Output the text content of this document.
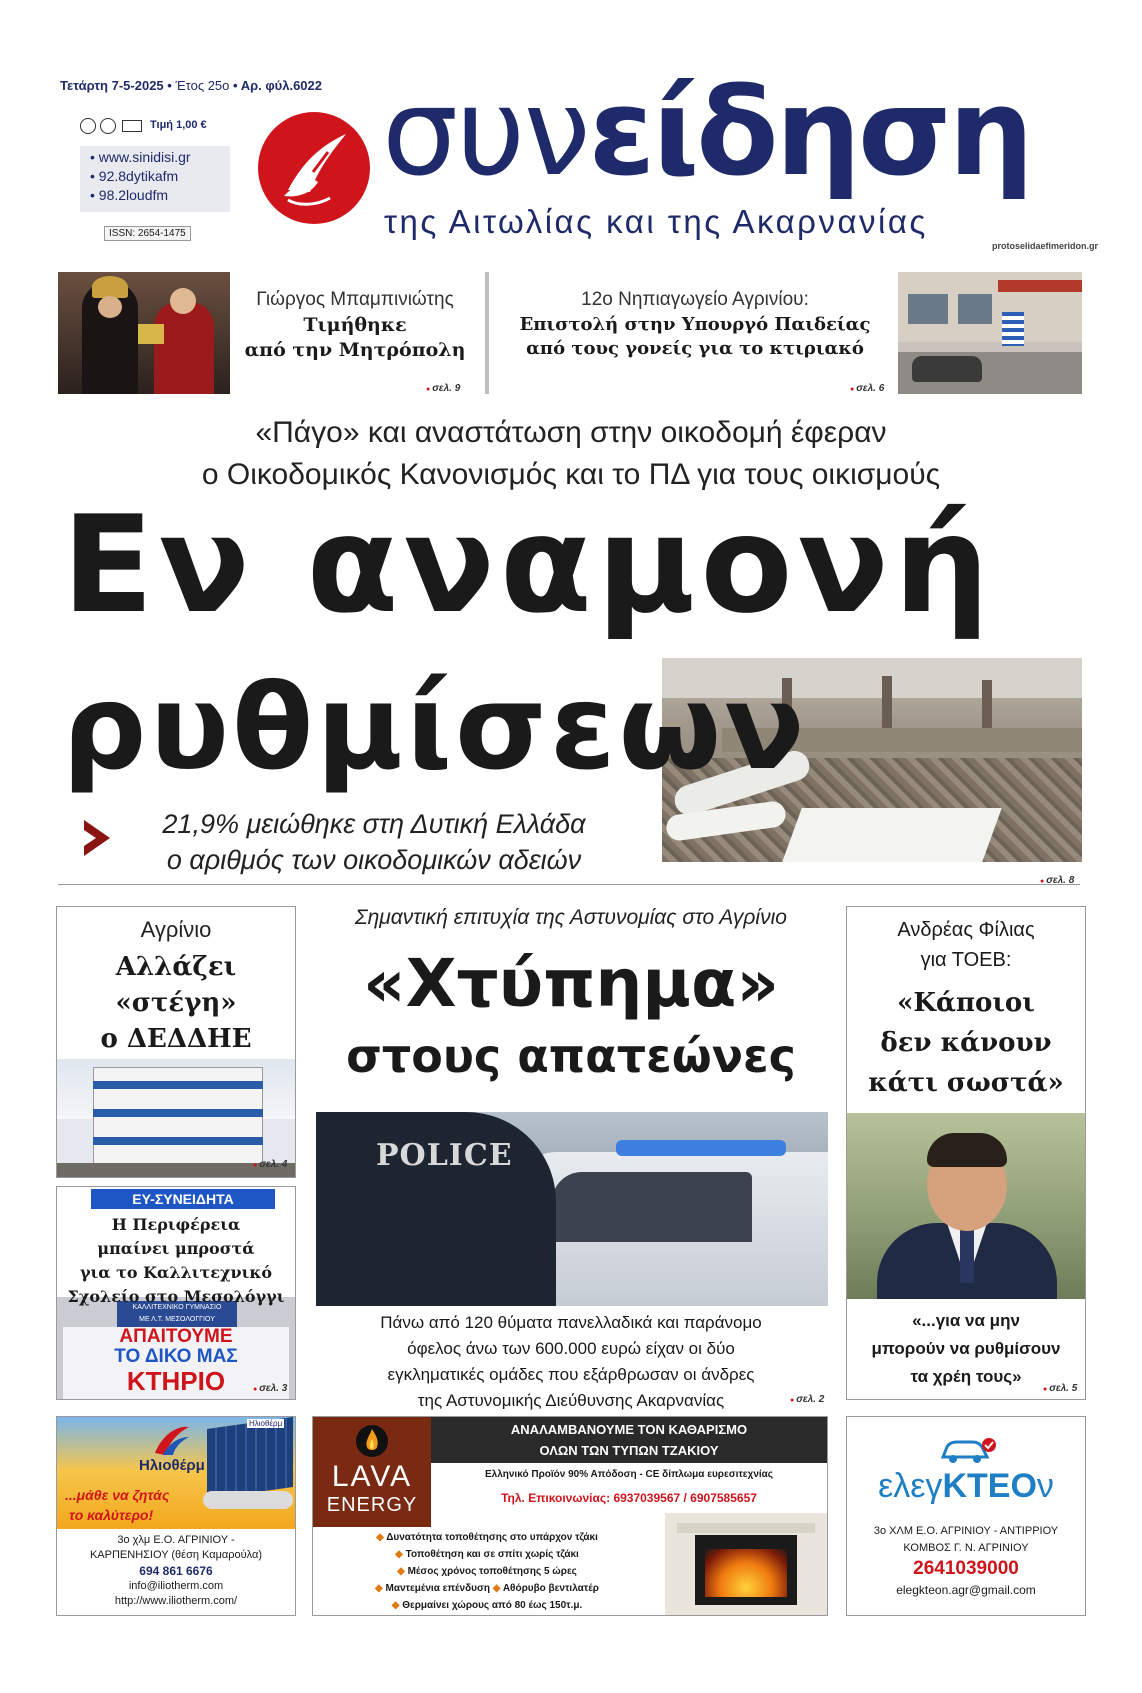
Τετάρτη 7-5-2025 • Έτος 25ο • Αρ. φύλ.6022
Τιμή 1,00 €
• www.sinidisi.gr
• 92.8dytikafm
• 98.2loudfm
ISSN: 2654-1475
συνείδηση
της Αιτωλίας και της Ακαρνανίας
protoselidaefimeridon.gr
Γιώργος Μπαμπινιώτης
Τιμήθηκε
από την Μητρόπολη
● σελ. 9
12ο Νηπιαγωγείο Αγρινίου:
Επιστολή στην Υπουργό Παιδείας
από τους γονείς για το κτιριακό
● σελ. 6
«Πάγο» και αναστάτωση στην οικοδομή έφεραν
ο Οικοδομικός Κανονισμός και το ΠΔ για τους οικισμούς
Εν αναμονή
ρυθμίσεων
21,9% μειώθηκε στη Δυτική Ελλάδα
ο αριθμός των οικοδομικών αδειών
● σελ. 8
Αγρίνιο
Αλλάζει
«στέγη»
ο ΔΕΔΔΗΕ
● σελ. 4
ΕΥ-ΣΥΝΕΙΔΗΤΑ
Η Περιφέρεια
μπαίνει μπροστά
για το Καλλιτεχνικό
Σχολείο στο Μεσολόγγι
ΚΑΛΛΙΤΕΧΝΙΚΟ ΓΥΜΝΑΣΙΟ
ΜΕ Λ.Τ. ΜΕΣΟΛΟΓΓΙΟΥ
ΑΠΑΙΤΟΥΜΕ
ΤΟ ΔΙΚΟ ΜΑΣ
ΚΤΗΡΙΟ	● σελ. 3
Σημαντική επιτυχία της Αστυνομίας στο Αγρίνιο
«Χτύπημα»
στους απατεώνες
POLICE
Πάνω από 120 θύματα πανελλαδικά και παράνομο
όφελος άνω των 600.000 ευρώ είχαν οι δύο
εγκληματικές ομάδες που εξάρθρωσαν οι άνδρες
της Αστυνομικής Διεύθυνσης Ακαρνανίας	● σελ. 2
Ανδρέας Φίλιας
για ΤΟΕΒ:
«Κάποιοι
δεν κάνουν
κάτι σωστά»
«...για να μην
μπορούν να ρυθμίσουν
τα χρέη τους»
● σελ. 5
Ηλιοθέρμ
Ηλιοθέρμ
...μάθε να ζητάς
το καλύτερο!
3ο χλμ Ε.Ο. ΑΓΡΙΝΙΟΥ -
ΚΑΡΠΕΝΗΣΙΟΥ (θέση Καμαρούλα)
694 861 6676
info@iliotherm.com
http://www.iliotherm.com/
LAVA
ENERGY
ΑΝΑΛΑΜΒΑΝΟΥΜΕ ΤΟΝ ΚΑΘΑΡΙΣΜΟ
ΟΛΩΝ ΤΩΝ ΤΥΠΩΝ ΤΖΑΚΙΟΥ
Ελληνικό Προϊόν 90% Απόδοση - CE δίπλωμα ευρεσιτεχνίας
Τηλ. Επικοινωνίας: 6937039567 / 6907585657
◆ Δυνατότητα τοποθέτησης στο υπάρχον τζάκι
◆ Τοποθέτηση και σε σπίτι χωρίς τζάκι
◆ Μέσος χρόνος τοποθέτησης 5 ώρες
◆ Μαντεμένια επένδυση ◆ Αθόρυβο βεντιλατέρ
◆ Θερμαίνει χώρους από 80 έως 150τ.μ.
ελεγΚΤΕΟν
3ο ΧΛΜ Ε.Ο. ΑΓΡΙΝΙΟΥ - ΑΝΤΙΡΡΙΟΥ
ΚΟΜΒΟΣ Γ. Ν. ΑΓΡΙΝΙΟΥ
2641039000
elegkteon.agr@gmail.com
